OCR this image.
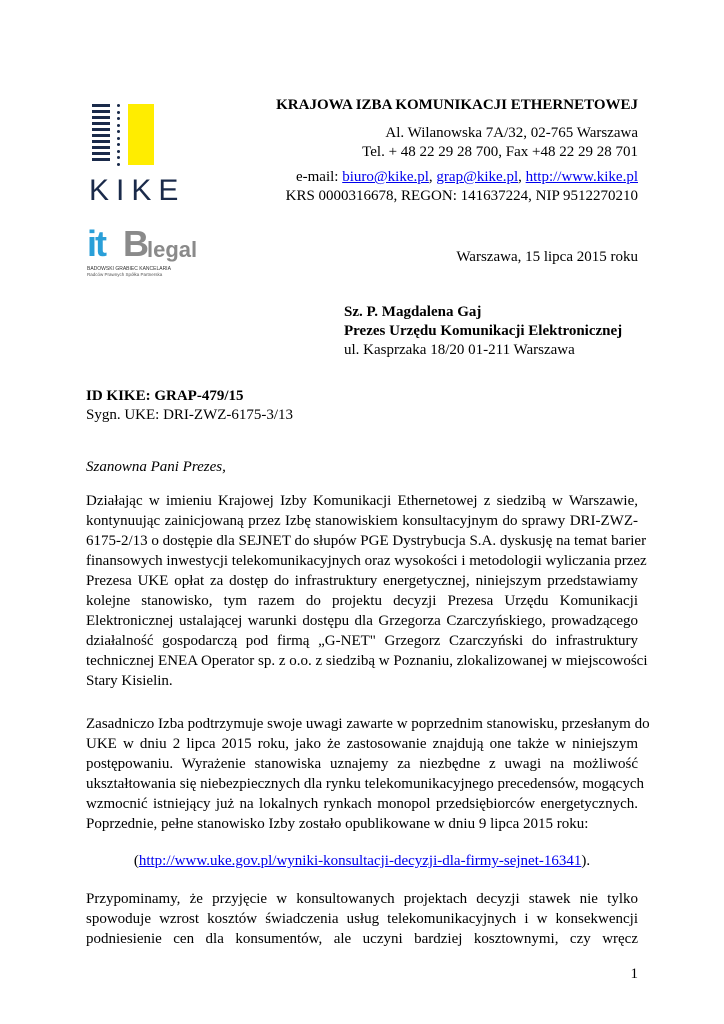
KIKE
it B
legal
BADOWSKI GRABIEC KANCELARIA
Radców Prawnych Spółka Partnerska
KRAJOWA IZBA KOMUNIKACJI ETHERNETOWEJ
Al. Wilanowska 7A/32, 02-765 Warszawa
Tel. + 48 22 29 28 700, Fax +48 22 29 28 701
e-mail: biuro@kike.pl, grap@kike.pl, http://www.kike.pl
KRS 0000316678, REGON: 141637224, NIP 9512270210
Warszawa, 15 lipca 2015 roku
Sz. P. Magdalena Gaj
Prezes Urzędu Komunikacji Elektronicznej
ul. Kasprzaka 18/20 01-211 Warszawa
ID KIKE: GRAP-479/15
Sygn. UKE: DRI-ZWZ-6175-3/13
Szanowna Pani Prezes,
Działając w imieniu Krajowej Izby Komunikacji Ethernetowej z siedzibą w Warszawie,
kontynuując zainicjowaną przez Izbę stanowiskiem konsultacyjnym do sprawy DRI-ZWZ-
6175-2/13 o dostępie dla SEJNET do słupów PGE Dystrybucja S.A. dyskusję na temat barier
finansowych inwestycji telekomunikacyjnych oraz wysokości i metodologii wyliczania przez
Prezesa UKE opłat za dostęp do infrastruktury energetycznej, niniejszym przedstawiamy
kolejne stanowisko, tym razem do projektu decyzji Prezesa Urzędu Komunikacji
Elektronicznej ustalającej warunki dostępu dla Grzegorza Czarczyńskiego, prowadzącego
działalność gospodarczą pod firmą „G-NET" Grzegorz Czarczyński do infrastruktury
technicznej ENEA Operator sp. z o.o. z siedzibą w Poznaniu, zlokalizowanej w miejscowości
Stary Kisielin.
Zasadniczo Izba podtrzymuje swoje uwagi zawarte w poprzednim stanowisku, przesłanym do
UKE w dniu 2 lipca 2015 roku, jako że zastosowanie znajdują one także w niniejszym
postępowaniu. Wyrażenie stanowiska uznajemy za niezbędne z uwagi na możliwość
ukształtowania się niebezpiecznych dla rynku telekomunikacyjnego precedensów, mogących
wzmocnić istniejący już na lokalnych rynkach monopol przedsiębiorców energetycznych.
Poprzednie, pełne stanowisko Izby zostało opublikowane w dniu 9 lipca 2015 roku:
(http://www.uke.gov.pl/wyniki-konsultacji-decyzji-dla-firmy-sejnet-16341).
Przypominamy, że przyjęcie w konsultowanych projektach decyzji stawek nie tylko
spowoduje wzrost kosztów świadczenia usług telekomunikacyjnych i w konsekwencji
podniesienie cen dla konsumentów, ale uczyni bardziej kosztownymi, czy wręcz
1
